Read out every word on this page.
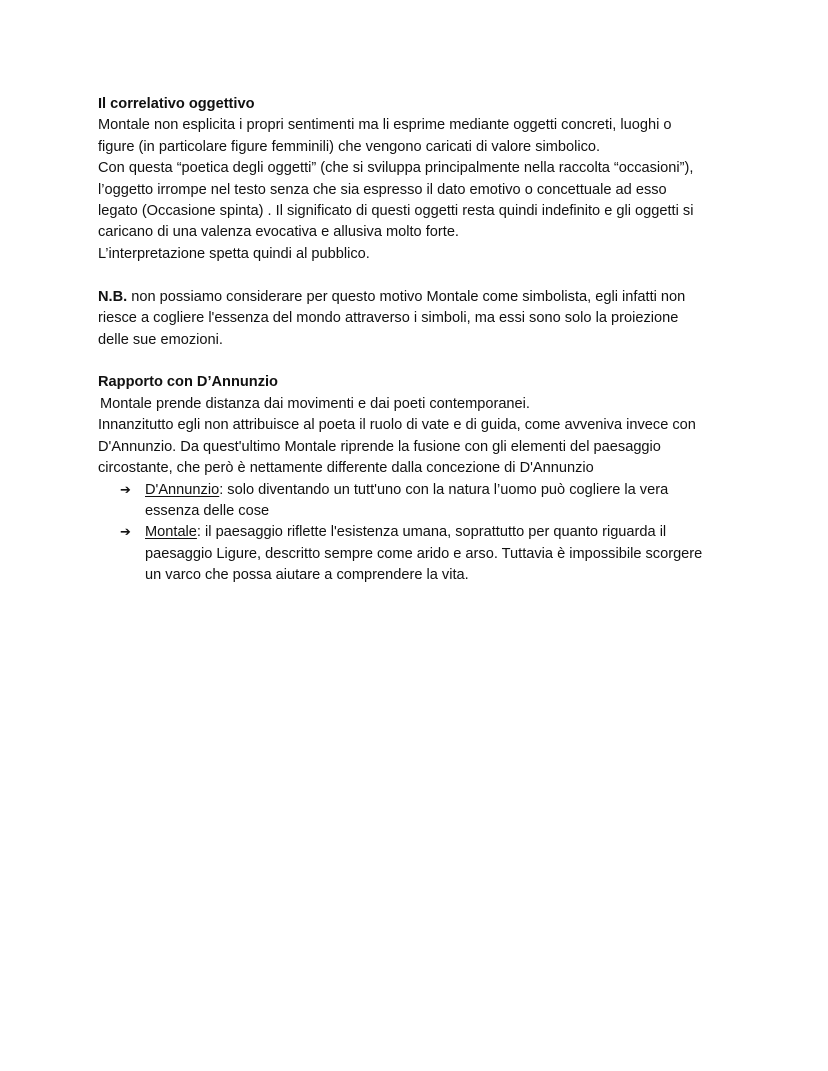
Il correlativo oggettivo
Montale non esplicita i propri sentimenti ma li esprime mediante oggetti concreti, luoghi o
figure (in particolare figure femminili) che vengono caricati di valore simbolico.
Con questa “poetica degli oggetti” (che si sviluppa principalmente nella raccolta “occasioni”),
l’oggetto irrompe nel testo senza che sia espresso il dato emotivo o concettuale ad esso
legato (Occasione spinta) . Il significato di questi oggetti resta quindi indefinito e gli oggetti si
caricano di una valenza evocativa e allusiva molto forte.
L’interpretazione spetta quindi al pubblico.
N.B. non possiamo considerare per questo motivo Montale come simbolista, egli infatti non
riesce a cogliere l'essenza del mondo attraverso i simboli, ma essi sono solo la proiezione
delle sue emozioni.
Rapporto con D’Annunzio
Montale prende distanza dai movimenti e dai poeti contemporanei.
Innanzitutto egli non attribuisce al poeta il ruolo di vate e di guida, come avveniva invece con
D'Annunzio. Da quest'ultimo Montale riprende la fusione con gli elementi del paesaggio
circostante, che però è nettamente differente dalla concezione di D'Annunzio
➔ D'Annunzio: solo diventando un tutt'uno con la natura l’uomo può cogliere la vera
essenza delle cose
➔ Montale: il paesaggio riflette l'esistenza umana, soprattutto per quanto riguarda il
paesaggio Ligure, descritto sempre come arido e arso. Tuttavia è impossibile scorgere
un varco che possa aiutare a comprendere la vita.
